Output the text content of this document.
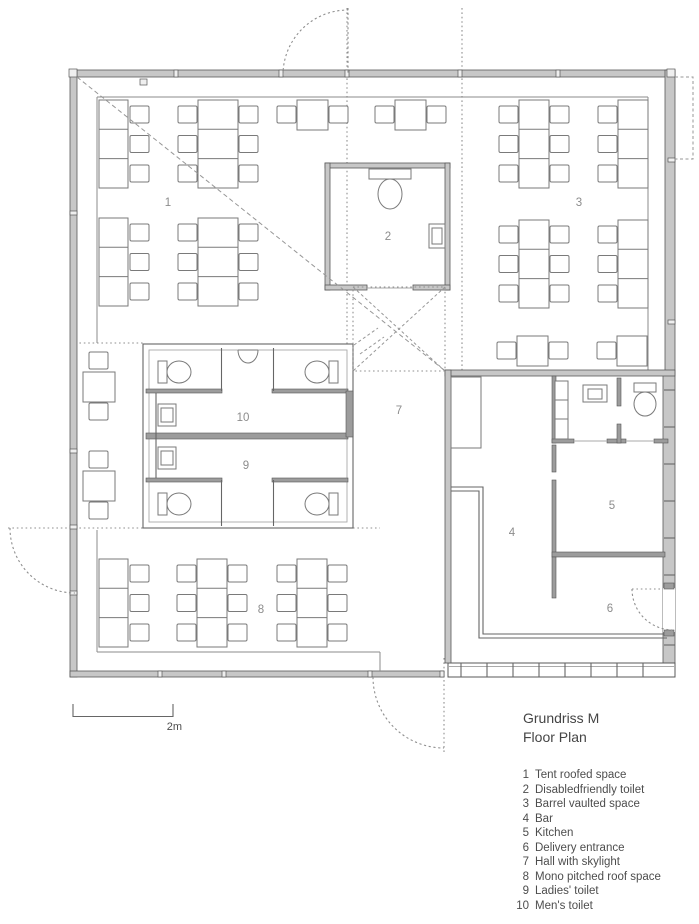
1
2
3
4
5
6
7
8
9
10
2m
Grundriss M
Floor Plan
1 Tent roofed space
2 Disabledfriendly toilet
3 Barrel vaulted space
4 Bar
5 Kitchen
6 Delivery entrance
7 Hall with skylight
8 Mono pitched roof space
9 Ladies' toilet
10 Men's toilet
